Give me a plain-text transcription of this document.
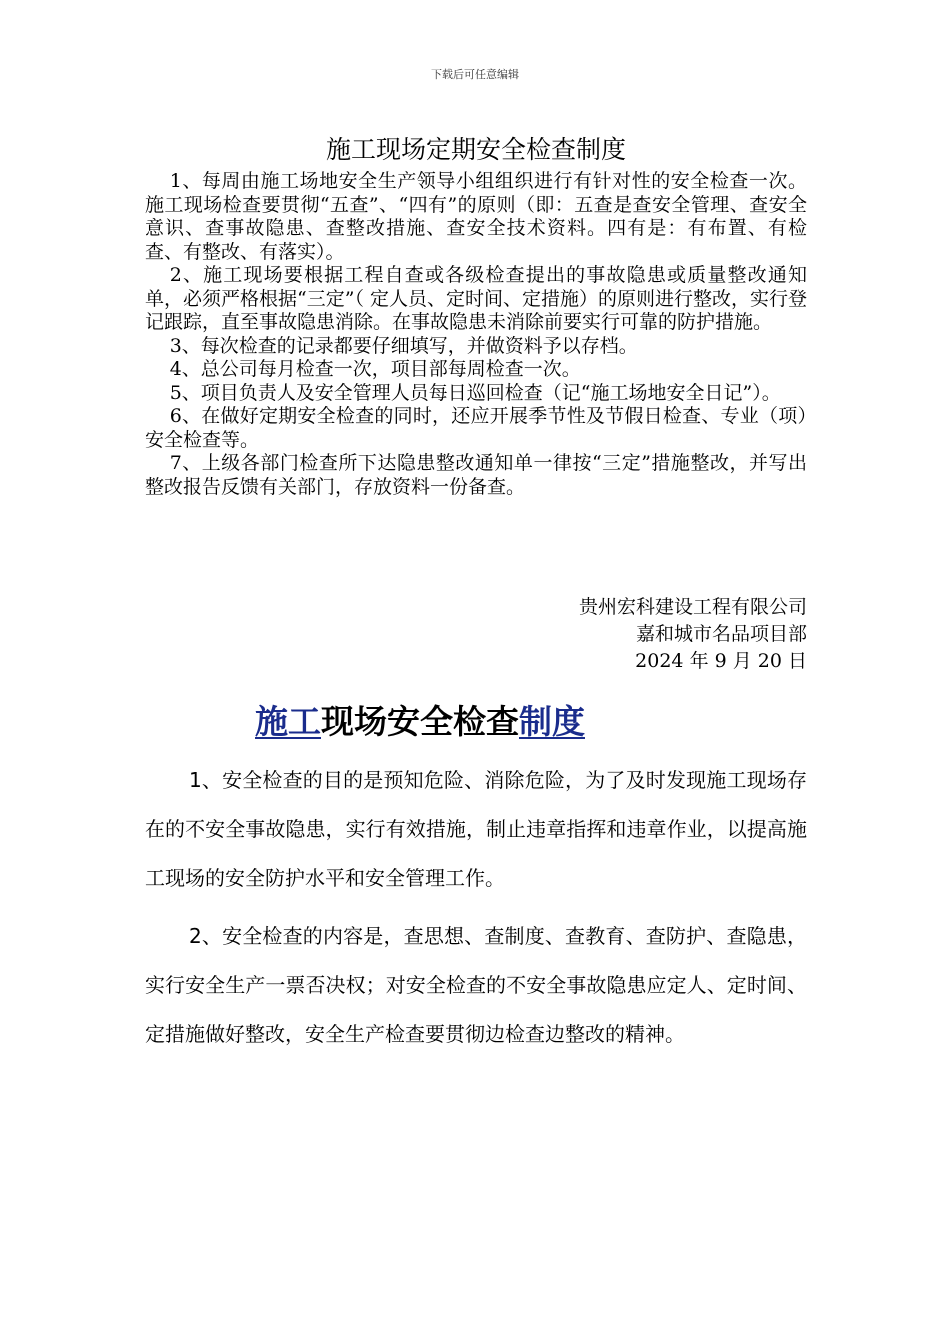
下载后可任意编辑
施工现场定期安全检查制度

1、每周由施工场地安全生产领导小组组织进行有针对性的安全检查一次。施工现场检查要贯彻“五查”、“四有”的原则（即：五查是查安全管理、查安全意识、查事故隐患、查整改措施、查安全技术资料。四有是：有布置、有检查、有整改、有落实）。

2、施工现场要根据工程自查或各级检查提出的事故隐患或质量整改通知单，必须严格根据“三定”（ 定人员、定时间、定措施）的原则进行整改，实行登记跟踪，直至事故隐患消除。在事故隐患未消除前要实行可靠的防护措施。

3、每次检查的记录都要仔细填写，并做资料予以存档。

4、总公司每月检查一次，项目部每周检查一次。

5、项目负责人及安全管理人员每日巡回检查（记“施工场地安全日记”）。

6、在做好定期安全检查的同时，还应开展季节性及节假日检查、专业（项）安全检查等。

7、上级各部门检查所下达隐患整改通知单一律按“三定”措施整改，并写出整改报告反馈有关部门，存放资料一份备查。

贵州宏科建设工程有限公司
嘉和城市名品项目部
2024 年 9 月 20 日
施工现场安全检查制度

1、安全检查的目的是预知危险、消除危险，为了及时发现施工现场存在的不安全事故隐患，实行有效措施，制止违章指挥和违章作业，以提高施工现场的安全防护水平和安全管理工作。

2、安全检查的内容是，查思想、查制度、查教育、查防护、查隐患，实行安全生产一票否决权；对安全检查的不安全事故隐患应定人、定时间、定措施做好整改，安全生产检查要贯彻边检查边整改的精神。
